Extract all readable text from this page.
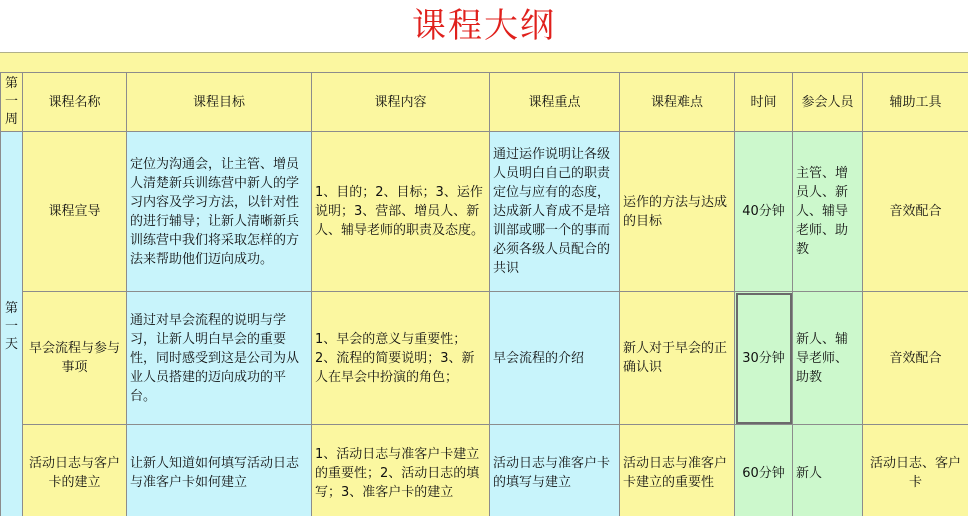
课程大纲
第一周	课程名称	课程目标	课程内容	课程重点	课程难点	时间	参会人员	辅助工具
第一天	课程宣导	定位为沟通会，让主管、增员人清楚新兵训练营中新人的学习内容及学习方法，以针对性的进行辅导；让新人清晰新兵训练营中我们将采取怎样的方法来帮助他们迈向成功。	1、目的；2、目标；3、运作说明；3、营部、增员人、新人、辅导老师的职责及态度。	通过运作说明让各级人员明白自己的职责定位与应有的态度，达成新人育成不是培训部或哪一个的事而必须各级人员配合的共识	运作的方法与达成的目标	40分钟	主管、增员人、新人、辅导老师、助教	音效配合
	早会流程与参与事项	通过对早会流程的说明与学习，让新人明白早会的重要性，同时感受到这是公司为从业人员搭建的迈向成功的平台。	1、早会的意义与重要性；2、流程的简要说明；3、新人在早会中扮演的角色；	早会流程的介绍	新人对于早会的正确认识	30分钟	新人、辅导老师、助教	音效配合
	活动日志与客户卡的建立	让新人知道如何填写活动日志与准客户卡如何建立	1、活动日志与准客户卡建立的重要性；2、活动日志的填写；3、准客户卡的建立	活动日志与准客户卡的填写与建立	活动日志与准客户卡建立的重要性	60分钟	新人	活动日志、客户卡
